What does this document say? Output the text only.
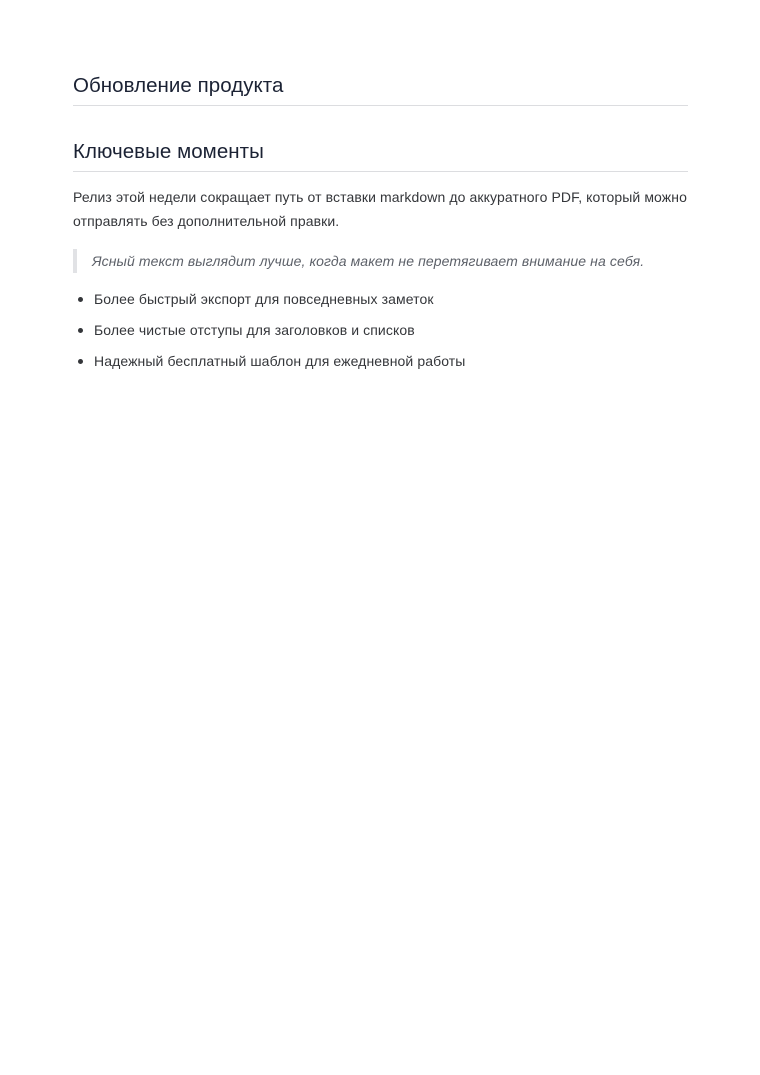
Обновление продукта
Ключевые моменты

Релиз этой недели сокращает путь от вставки markdown до аккуратного PDF, который можно отправлять без дополнительной правки.

Ясный текст выглядит лучше, когда макет не перетягивает внимание на себя.
Более быстрый экспорт для повседневных заметок
Более чистые отступы для заголовков и списков
Надежный бесплатный шаблон для ежедневной работы
